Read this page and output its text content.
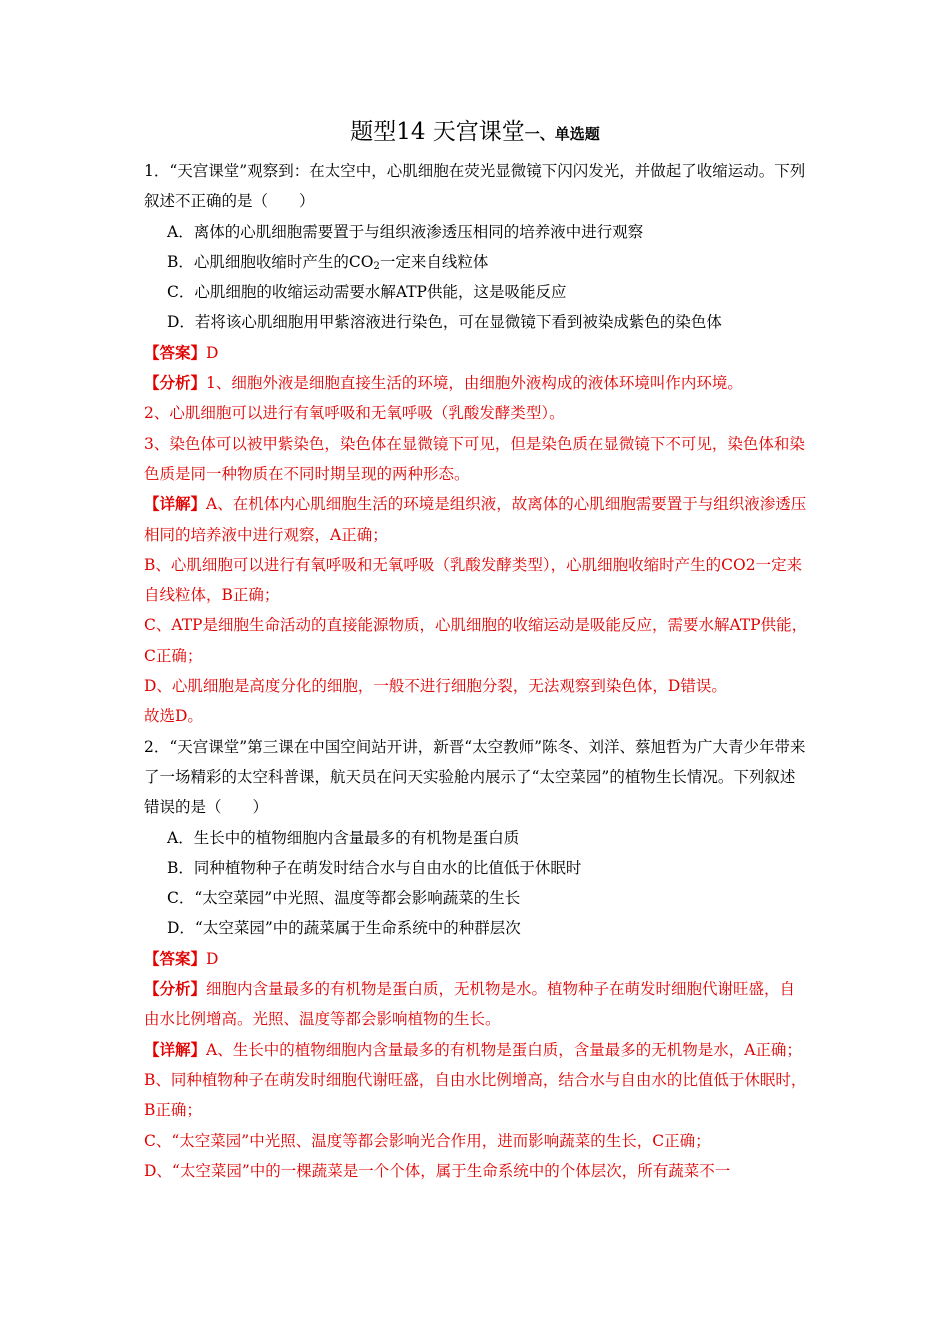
题型14 天宫课堂一、单选题

1．“天宫课堂”观察到：在太空中，心肌细胞在荧光显微镜下闪闪发光，并做起了收缩运动。下列叙述不正确的是（　　）

A．离体的心肌细胞需要置于与组织液渗透压相同的培养液中进行观察

B．心肌细胞收缩时产生的$CO_2$一定来自线粒体

C．心肌细胞的收缩运动需要水解ATP供能，这是吸能反应

D．若将该心肌细胞用甲紫溶液进行染色，可在显微镜下看到被染成紫色的染色体

【答案】D

【分析】1、细胞外液是细胞直接生活的环境，由细胞外液构成的液体环境叫作内环境。

2、心肌细胞可以进行有氧呼吸和无氧呼吸（乳酸发酵类型）。

3、染色体可以被甲紫染色，染色体在显微镜下可见，但是染色质在显微镜下不可见，染色体和染色质是同一种物质在不同时期呈现的两种形态。

【详解】A、在机体内心肌细胞生活的环境是组织液，故离体的心肌细胞需要置于与组织液渗透压相同的培养液中进行观察，A正确；

B、心肌细胞可以进行有氧呼吸和无氧呼吸（乳酸发酵类型），心肌细胞收缩时产生的CO2一定来自线粒体，B正确；

C、ATP是细胞生命活动的直接能源物质，心肌细胞的收缩运动是吸能反应，需要水解ATP供能，C正确；

D、心肌细胞是高度分化的细胞，一般不进行细胞分裂，无法观察到染色体，D错误。

故选D。

2．“天宫课堂”第三课在中国空间站开讲，新晋“太空教师”陈冬、刘洋、蔡旭哲为广大青少年带来了一场精彩的太空科普课，航天员在问天实验舱内展示了“太空菜园”的植物生长情况。下列叙述错误的是（　　）

A．生长中的植物细胞内含量最多的有机物是蛋白质

B．同种植物种子在萌发时结合水与自由水的比值低于休眠时

C．“太空菜园”中光照、温度等都会影响蔬菜的生长

D．“太空菜园”中的蔬菜属于生命系统中的种群层次

【答案】D

【分析】细胞内含量最多的有机物是蛋白质，无机物是水。植物种子在萌发时细胞代谢旺盛，自由水比例增高。光照、温度等都会影响植物的生长。

【详解】A、生长中的植物细胞内含量最多的有机物是蛋白质，含量最多的无机物是水，A正确；

B、同种植物种子在萌发时细胞代谢旺盛，自由水比例增高，结合水与自由水的比值低于休眠时，B正确；

C、“太空菜园”中光照、温度等都会影响光合作用，进而影响蔬菜的生长，C正确；

D、“太空菜园”中的一棵蔬菜是一个个体，属于生命系统中的个体层次，所有蔬菜不一
